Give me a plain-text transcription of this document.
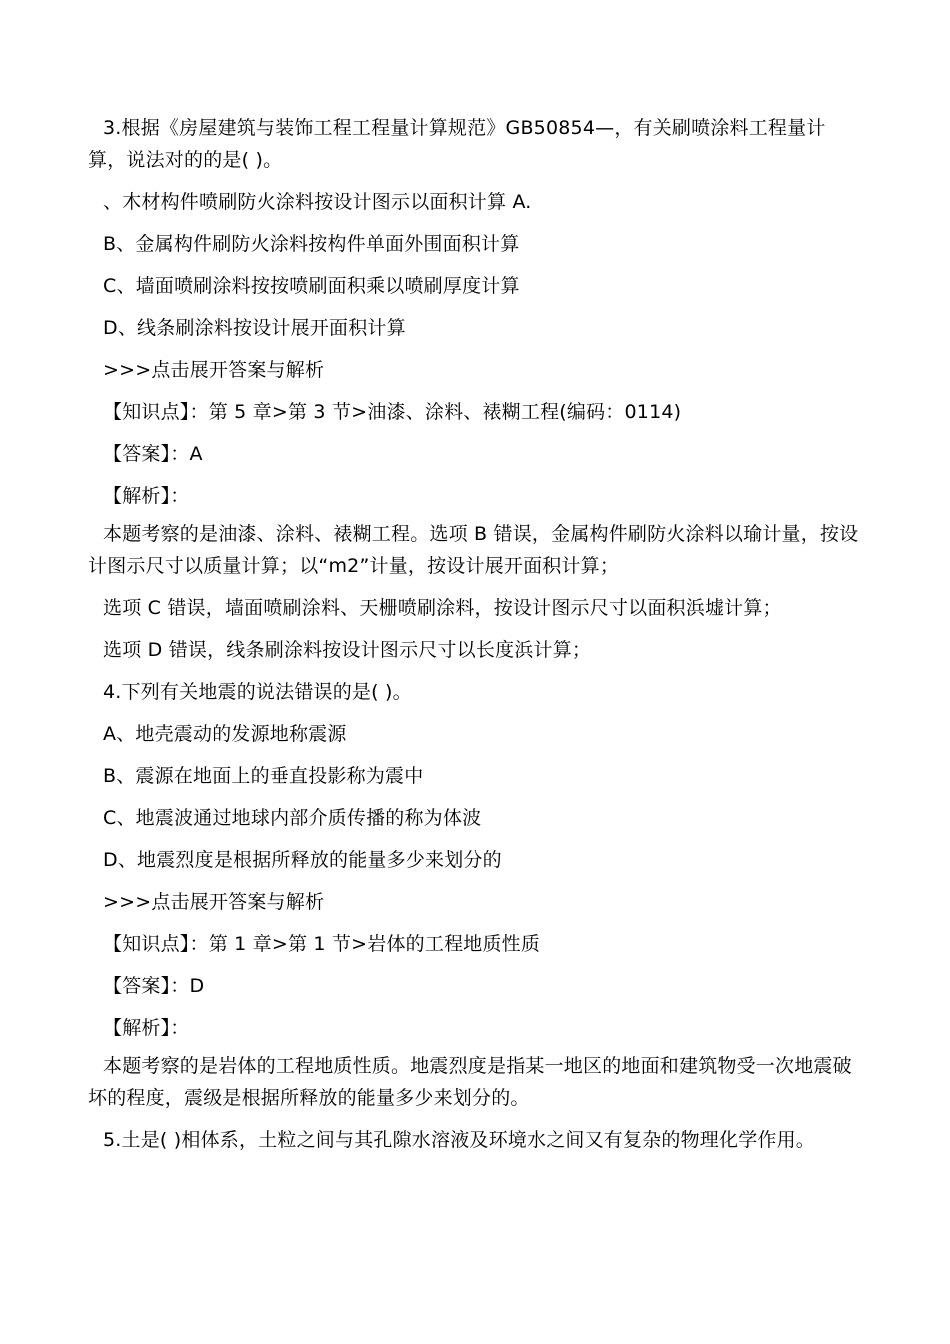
3.根据《房屋建筑与装饰工程工程量计算规范》GB50854—，有关刷喷涂料工程量计算，说法对的的是( )。

、木材构件喷刷防火涂料按设计图示以面积计算 A.

B、金属构件刷防火涂料按构件单面外围面积计算

C、墙面喷刷涂料按按喷刷面积乘以喷刷厚度计算

D、线条刷涂料按设计展开面积计算

>>>点击展开答案与解析

【知识点】：第 5 章>第 3 节>油漆、涂料、裱糊工程(编码：0114)

【答案】：A

【解析】：

本题考察的是油漆、涂料、裱糊工程。选项 B 错误，金属构件刷防火涂料以瑜计量，按设计图示尺寸以质量计算；以“m2”计量，按设计展开面积计算；

选项 C 错误，墙面喷刷涂料、天栅喷刷涂料，按设计图示尺寸以面积浜墟计算；

选项 D 错误，线条刷涂料按设计图示尺寸以长度浜计算；

4.下列有关地震的说法错误的是( )。

A、地壳震动的发源地称震源

B、震源在地面上的垂直投影称为震中

C、地震波通过地球内部介质传播的称为体波

D、地震烈度是根据所释放的能量多少来划分的

>>>点击展开答案与解析

【知识点】：第 1 章>第 1 节>岩体的工程地质性质

【答案】：D

【解析】：

本题考察的是岩体的工程地质性质。地震烈度是指某一地区的地面和建筑物受一次地震破坏的程度，震级是根据所释放的能量多少来划分的。

5.土是( )相体系，土粒之间与其孔隙水溶液及环境水之间又有复杂的物理化学作用。
